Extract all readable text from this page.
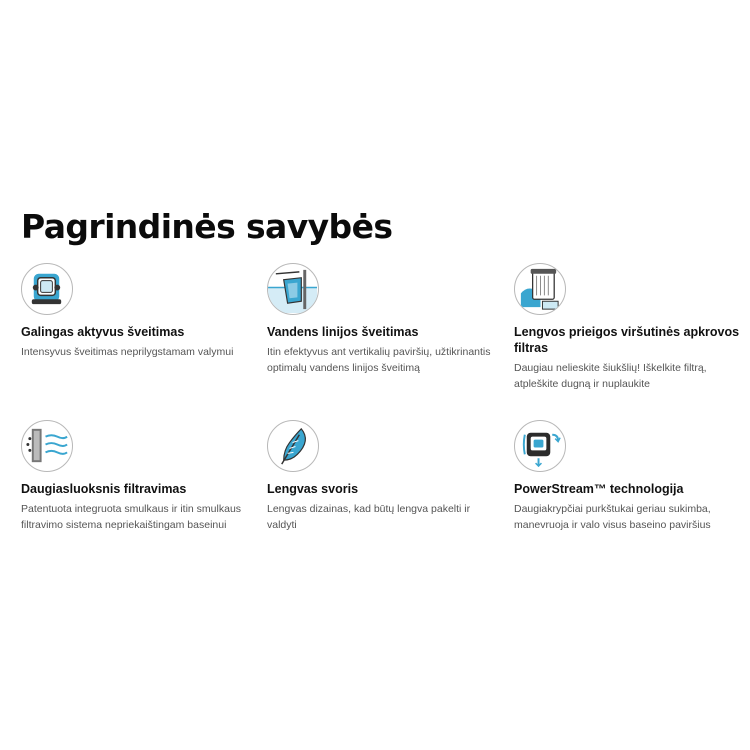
Pagrindinės savybės
Galingas aktyvus šveitimas
Intensyvus šveitimas neprilygstamam valymui
Vandens linijos šveitimas
Itin efektyvus ant vertikalių paviršių, užtikrinantis optimalų vandens linijos šveitimą
Lengvos prieigos viršutinės apkrovos filtras
Daugiau nelieskite šiukšlių! Iškelkite filtrą, atpleškite dugną ir nuplaukite
Daugiasluoksnis filtravimas
Patentuota integruota smulkaus ir itin smulkaus filtravimo sistema nepriekaištingam baseinui
Lengvas svoris
Lengvas dizainas, kad būtų lengva pakelti ir valdyti
PowerStream™ technologija
Daugiakrypčiai purkštukai geriau sukimba, manevruoja ir valo visus baseino paviršius
